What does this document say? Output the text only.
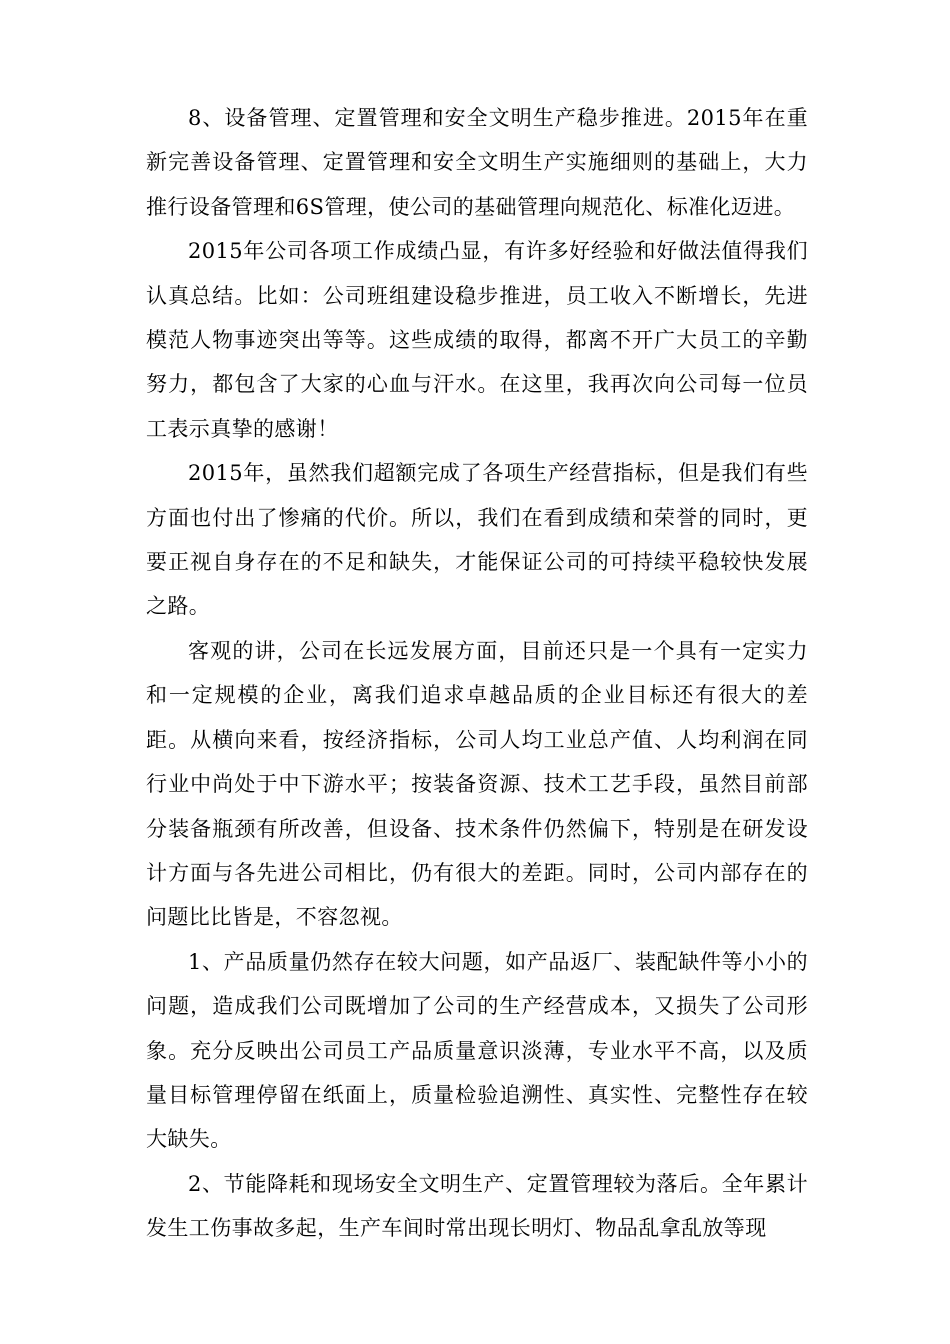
8、设备管理、定置管理和安全文明生产稳步推进。2015年在重新完善设备管理、定置管理和安全文明生产实施细则的基础上，大力推行设备管理和6S管理，使公司的基础管理向规范化、标准化迈进。

2015年公司各项工作成绩凸显，有许多好经验和好做法值得我们认真总结。比如：公司班组建设稳步推进，员工收入不断增长，先进模范人物事迹突出等等。这些成绩的取得，都离不开广大员工的辛勤努力，都包含了大家的心血与汗水。在这里，我再次向公司每一位员工表示真挚的感谢！

2015年，虽然我们超额完成了各项生产经营指标，但是我们有些方面也付出了惨痛的代价。所以，我们在看到成绩和荣誉的同时，更要正视自身存在的不足和缺失，才能保证公司的可持续平稳较快发展之路。

客观的讲，公司在长远发展方面，目前还只是一个具有一定实力和一定规模的企业，离我们追求卓越品质的企业目标还有很大的差距。从横向来看，按经济指标，公司人均工业总产值、人均利润在同行业中尚处于中下游水平；按装备资源、技术工艺手段，虽然目前部分装备瓶颈有所改善，但设备、技术条件仍然偏下，特别是在研发设计方面与各先进公司相比，仍有很大的差距。同时，公司内部存在的问题比比皆是，不容忽视。

1、产品质量仍然存在较大问题，如产品返厂、装配缺件等小小的问题，造成我们公司既增加了公司的生产经营成本，又损失了公司形象。充分反映出公司员工产品质量意识淡薄，专业水平不高，以及质量目标管理停留在纸面上，质量检验追溯性、真实性、完整性存在较大缺失。

2、节能降耗和现场安全文明生产、定置管理较为落后。全年累计发生工伤事故多起，生产车间时常出现长明灯、物品乱拿乱放等现
